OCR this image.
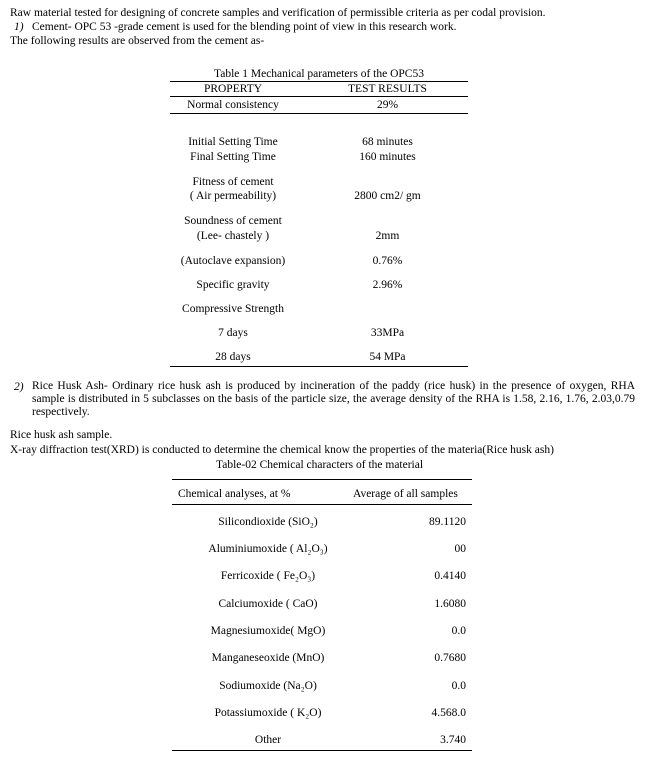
Raw material tested for designing of concrete samples and verification of permissible criteria as per codal provision.
1) Cement- OPC 53 -grade cement is used for the blending point of view in this research work.
The following results are observed from the cement as-
Table 1 Mechanical parameters of the OPC53
PROPERTY	TEST RESULTS
Normal consistency	29%
Initial Setting Time	68 minutes
Final Setting Time	160 minutes
Fitness of cement
( Air permeability)	2800 cm2/ gm
Soundness of cement
(Lee- chastely )	2mm
(Autoclave expansion)	0.76%
Specific gravity	2.96%
Compressive Strength
7 days	33MPa
28 days	54 MPa
2) Rice Husk Ash- Ordinary rice husk ash is produced by incineration of the paddy (rice husk) in the presence of oxygen, RHA sample is distributed in 5 subclasses on the basis of the particle size, the average density of the RHA is 1.58, 2.16, 1.76, 2.03,0.79 respectively.
Rice husk ash sample.
X-ray diffraction test(XRD) is conducted to determine the chemical know the properties of the materia(Rice husk ash)
Table-02 Chemical characters of the material
Chemical analyses, at %	Average of all samples
Silicondioxide (SiO₂)	89.1120
Aluminiumoxide ( Al₂O₃)	00
Ferricoxide ( Fe₂O₃)	0.4140
Calciumoxide ( CaO)	1.6080
Magnesiumoxide( MgO)	0.0
Manganeseoxide (MnO)	0.7680
Sodiumoxide (Na₂O)	0.0
Potassiumoxide ( K₂O)	4.568.0
Other	3.740
